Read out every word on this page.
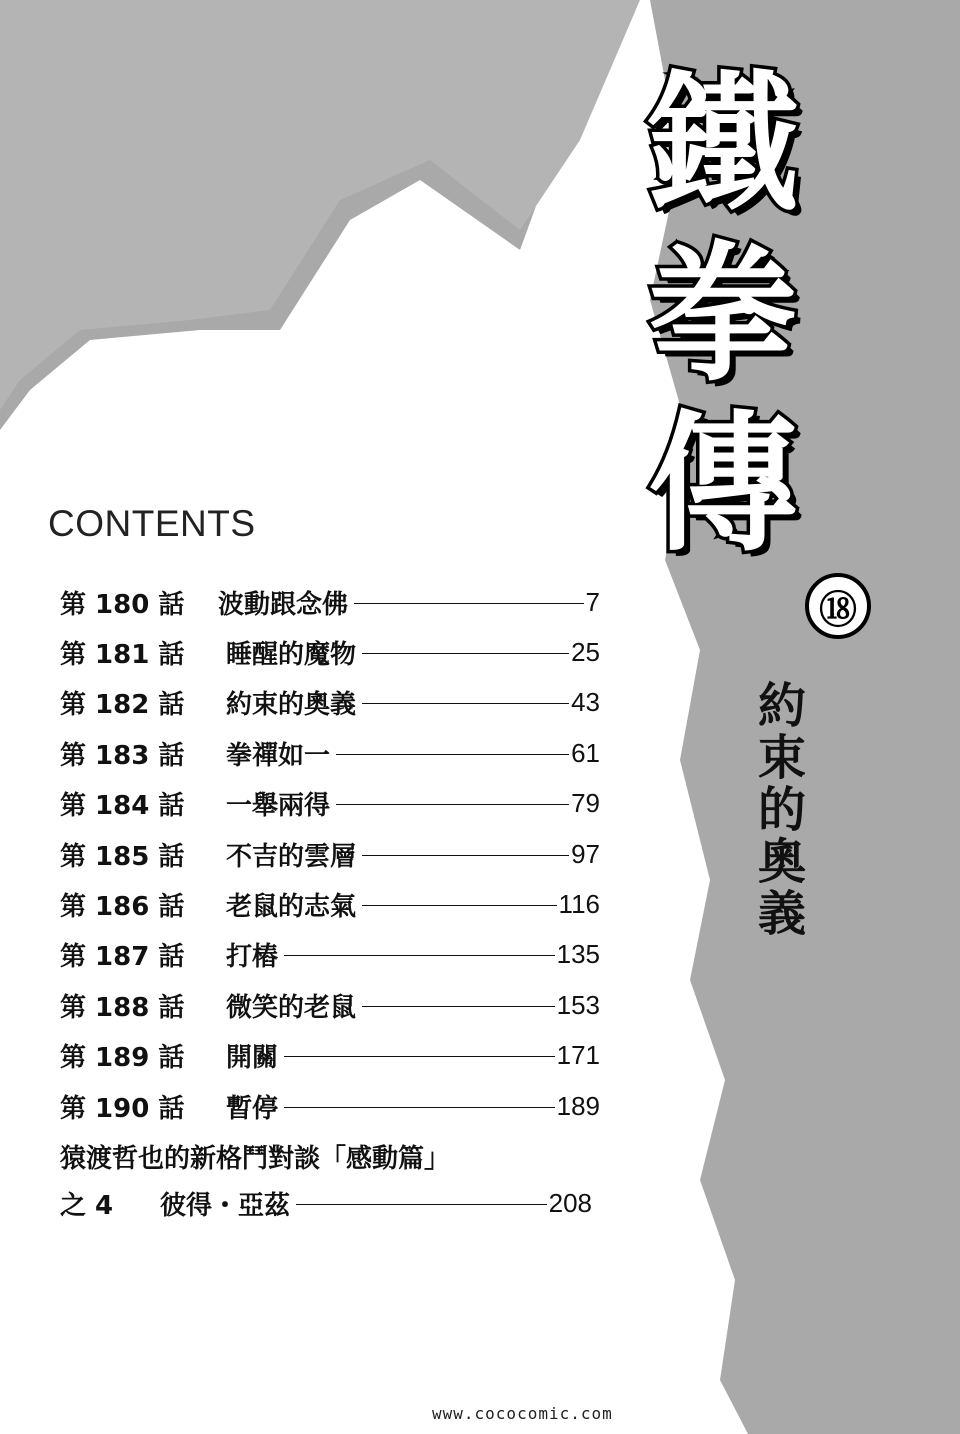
鐵
拳
傳
⑱
約
束
的
奧
義
CONTENTS
第 180 話	波動跟念佛	7
第 181 話	睡醒的魔物	25
第 182 話	約束的奧義	43
第 183 話	拳禪如一	61
第 184 話	一舉兩得	79
第 185 話	不吉的雲層	97
第 186 話	老鼠的志氣	116
第 187 話	打樁	135
第 188 話	微笑的老鼠	153
第 189 話	開關	171
第 190 話	暫停	189
猿渡哲也的新格鬥對談「感動篇」
之 4	彼得・亞茲	208
www.cococomic.com
